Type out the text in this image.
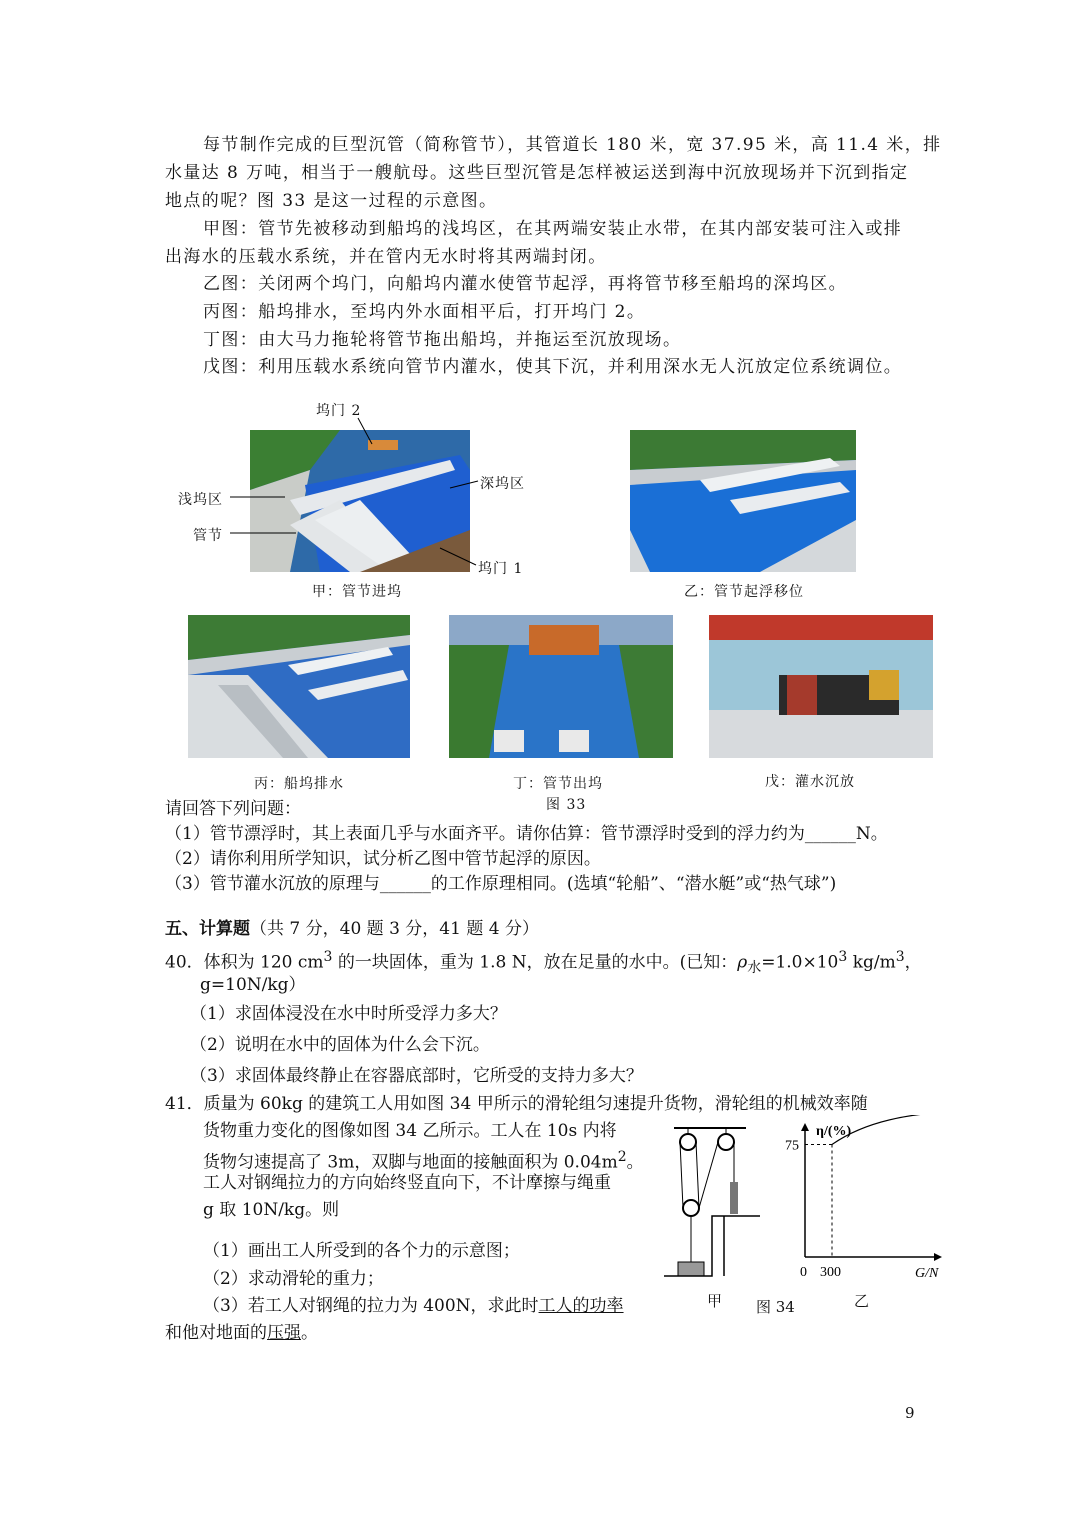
每节制作完成的巨型沉管（简称管节），其管道长 180 米，宽 37.95 米，高 11.4 米，排
水量达 8 万吨，相当于一艘航母。这些巨型沉管是怎样被运送到海中沉放现场并下沉到指定
地点的呢？图 33 是这一过程的示意图。
甲图：管节先被移动到船坞的浅坞区，在其两端安装止水带，在其内部安装可注入或排
出海水的压载水系统，并在管内无水时将其两端封闭。
乙图：关闭两个坞门，向船坞内灌水使管节起浮，再将管节移至船坞的深坞区。
丙图：船坞排水，至坞内外水面相平后，打开坞门 2。
丁图：由大马力拖轮将管节拖出船坞，并拖运至沉放现场。
戊图：利用压载水系统向管节内灌水，使其下沉，并利用深水无人沉放定位系统调位。
坞门 2
浅坞区
深坞区
管节
坞门 1
甲：管节进坞	乙：管节起浮移位
丙：船坞排水	丁：管节出坞	戊：灌水沉放
图 33
请回答下列问题：
（1）管节漂浮时，其上表面几乎与水面齐平。请你估算：管节漂浮时受到的浮力约为______N。
（2）请你利用所学知识，试分析乙图中管节起浮的原因。
（3）管节灌水沉放的原理与______的工作原理相同。(选填“轮船”、“潜水艇”或“热气球”)
五、计算题（共 7 分，40 题 3 分，41 题 4 分）
40．体积为 120 $cm^3$ 的一块固体，重为 1.8 N，放在足量的水中。(已知：$\rho_水=1.0\times 10^3$ $kg/m^3$，
g=10N/kg）
（1）求固体浸没在水中时所受浮力多大？
（2）说明在水中的固体为什么会下沉。
（3）求固体最终静止在容器底部时，它所受的支持力多大？
41．质量为 60kg 的建筑工人用如图 34 甲所示的滑轮组匀速提升货物，滑轮组的机械效率随
货物重力变化的图像如图 34 乙所示。工人在 10s 内将
货物匀速提高了 3m，双脚与地面的接触面积为 $0.04m^2$。
工人对钢绳拉力的方向始终竖直向下，不计摩擦与绳重
g 取 10N/kg。则
（1）画出工人所受到的各个力的示意图；
（2）求动滑轮的重力；
（3）若工人对钢绳的拉力为 400N，求此时工人的功率
和他对地面的压强。
甲 图 34	乙
η/(%)
G/N
0 300
75
9
